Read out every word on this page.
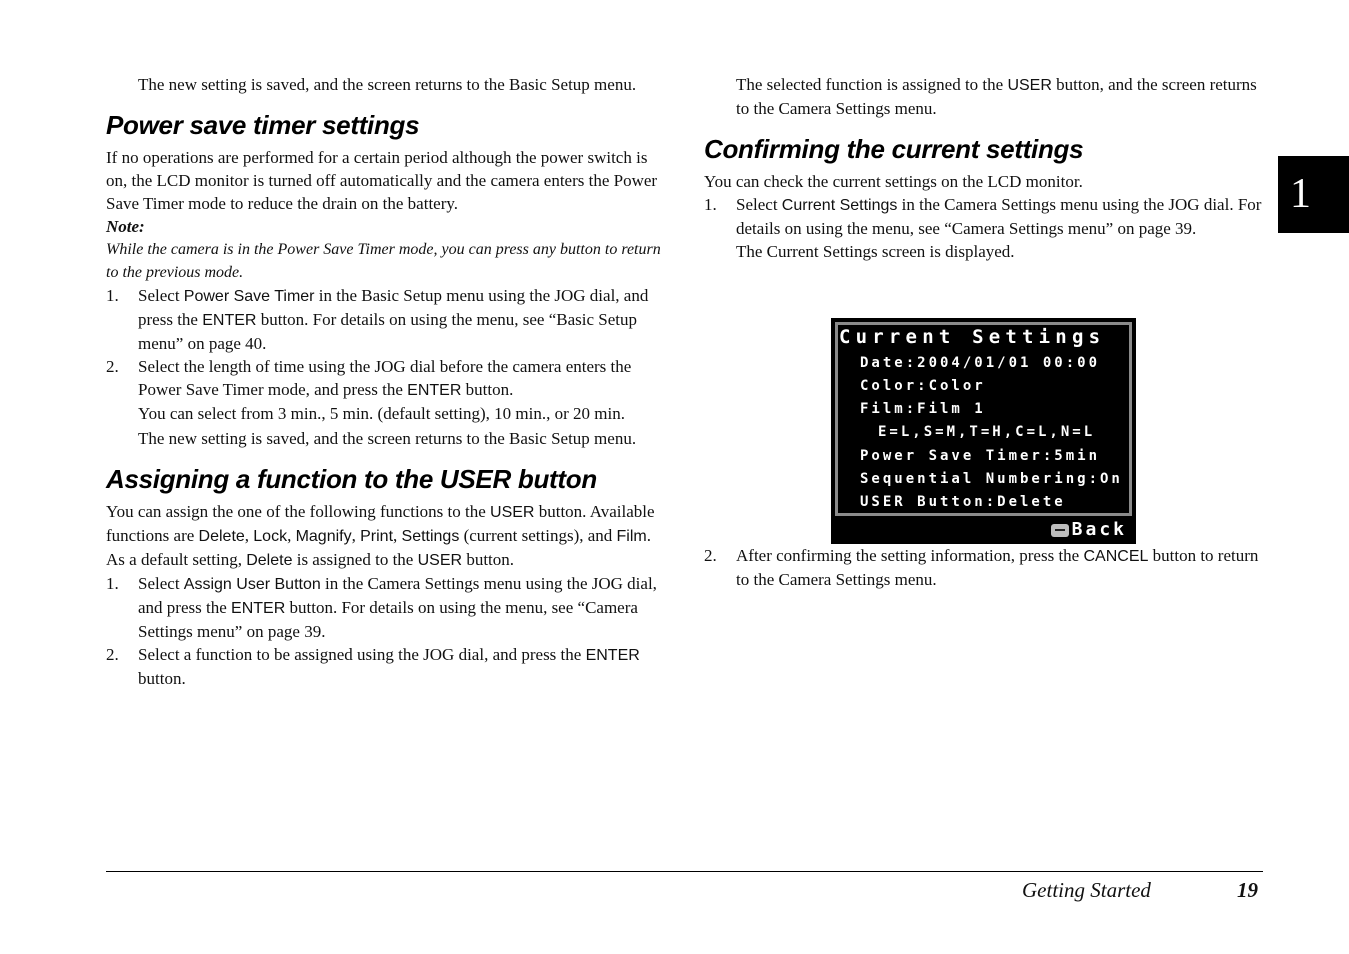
The new setting is saved, and the screen returns to the Basic Setup menu.

Power save timer settings

If no operations are performed for a certain period although the power switch is on, the LCD monitor is turned off automatically and the camera enters the Power Save Timer mode to reduce the drain on the battery.

Note:

While the camera is in the Power Save Timer mode, you can press any button to return to the previous mode.

1. Select Power Save Timer in the Basic Setup menu using the JOG dial, and press the ENTER button. For details on using the menu, see “Basic Setup menu” on page 40.
2. Select the length of time using the JOG dial before the camera enters the Power Save Timer mode, and press the ENTER button.
You can select from 3 min., 5 min. (default setting), 10 min., or 20 min.
The new setting is saved, and the screen returns to the Basic Setup menu.
Assigning a function to the USER button

You can assign the one of the following functions to the USER button. Available functions are Delete, Lock, Magnify, Print, Settings (current settings), and Film. As a default setting, Delete is assigned to the USER button.

1. Select Assign User Button in the Camera Settings menu using the JOG dial, and press the ENTER button. For details on using the menu, see “Camera Settings menu” on page 39.
2. Select a function to be assigned using the JOG dial, and press the ENTER button.

The selected function is assigned to the USER button, and the screen returns to the Camera Settings menu.

Confirming the current settings

You can check the current settings on the LCD monitor.

1. Select Current Settings in the Camera Settings menu using the JOG dial. For details on using the menu, see “Camera Settings menu” on page 39.
The Current Settings screen is displayed.
2. After confirming the setting information, press the CANCEL button to return to the Camera Settings menu.
Current Settings
Date:2004/01/01 00:00
Color:Color
Film:Film 1
E=L,S=M,T=H,C=L,N=L
Power Save Timer:5min
Sequential Numbering:On
USER Button:Delete
Back
1
Getting Started	19
